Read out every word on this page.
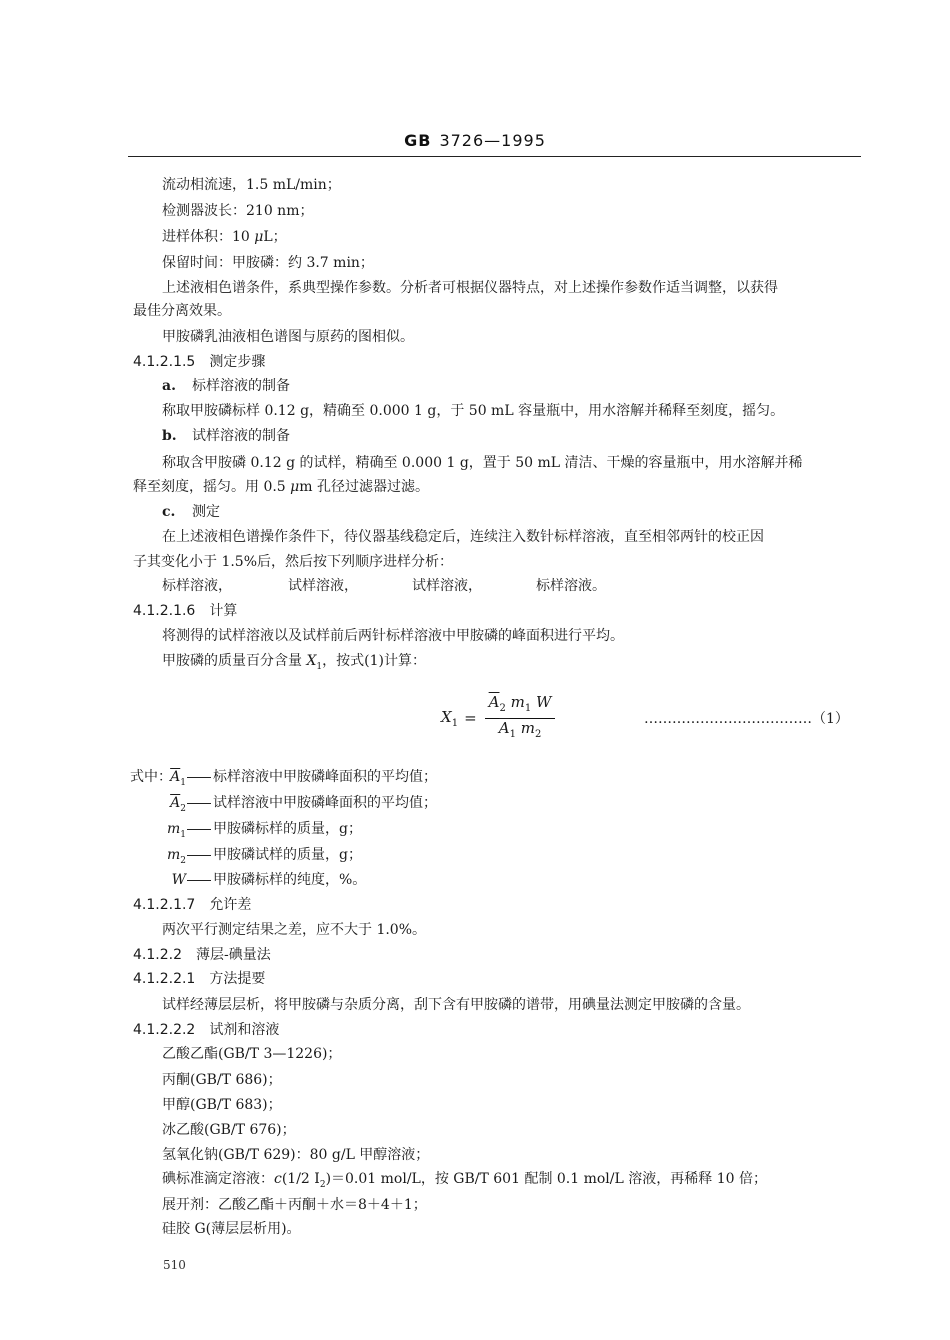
GB 3726—1995
流动相流速，1.5 mL/min；
检测器波长：210 nm；
进样体积：10 μL；
保留时间：甲胺磷：约 3.7 min；
上述液相色谱条件，系典型操作参数。分析者可根据仪器特点，对上述操作参数作适当调整，以获得
最佳分离效果。
甲胺磷乳油液相色谱图与原药的图相似。
4.1.2.1.5 测定步骤
a. 标样溶液的制备
称取甲胺磷标样 0.12 g，精确至 0.000 1 g，于 50 mL 容量瓶中，用水溶解并稀释至刻度，摇匀。
b. 试样溶液的制备
称取含甲胺磷 0.12 g 的试样，精确至 0.000 1 g，置于 50 mL 清洁、干燥的容量瓶中，用水溶解并稀
释至刻度，摇匀。用 0.5 μm 孔径过滤器过滤。
c. 测定
在上述液相色谱操作条件下，待仪器基线稳定后，连续注入数针标样溶液，直至相邻两针的校正因
子其变化小于 1.5%后，然后按下列顺序进样分析：
标样溶液，	试样溶液，	试样溶液，	标样溶液。
4.1.2.1.6 计算
将测得的试样溶液以及试样前后两针标样溶液中甲胺磷的峰面积进行平均。
甲胺磷的质量百分含量 $X_1$，按式(1)计算：
$X_1 = \frac{\overline{A}_2 m_1 W}{\overline{A}_1 m_2}$	………………………………（1）
式中：
$\overline{A}_1$ 标样溶液中甲胺磷峰面积的平均值；
$\overline{A}_2$ 试样溶液中甲胺磷峰面积的平均值；
$m_1$ 甲胺磷标样的质量，g；
$m_2$ 甲胺磷试样的质量，g；
W 甲胺磷标样的纯度，%。
4.1.2.1.7 允许差
两次平行测定结果之差，应不大于 1.0%。
4.1.2.2 薄层-碘量法
4.1.2.2.1 方法提要
试样经薄层层析，将甲胺磷与杂质分离，刮下含有甲胺磷的谱带，用碘量法测定甲胺磷的含量。
4.1.2.2.2 试剂和溶液
乙酸乙酯(GB/T 3—1226)；
丙酮(GB/T 686)；
甲醇(GB/T 683)；
冰乙酸(GB/T 676)；
氢氧化钠(GB/T 629)：80 g/L 甲醇溶液；
碘标准滴定溶液：c(1/2 $I_2)=0.01$ mol/L，按 GB/T 601 配制 0.1 mol/L 溶液，再稀释 10 倍；
展开剂：乙酸乙酯＋丙酮＋水＝8＋4＋1；
硅胶 G(薄层层析用)。
510
